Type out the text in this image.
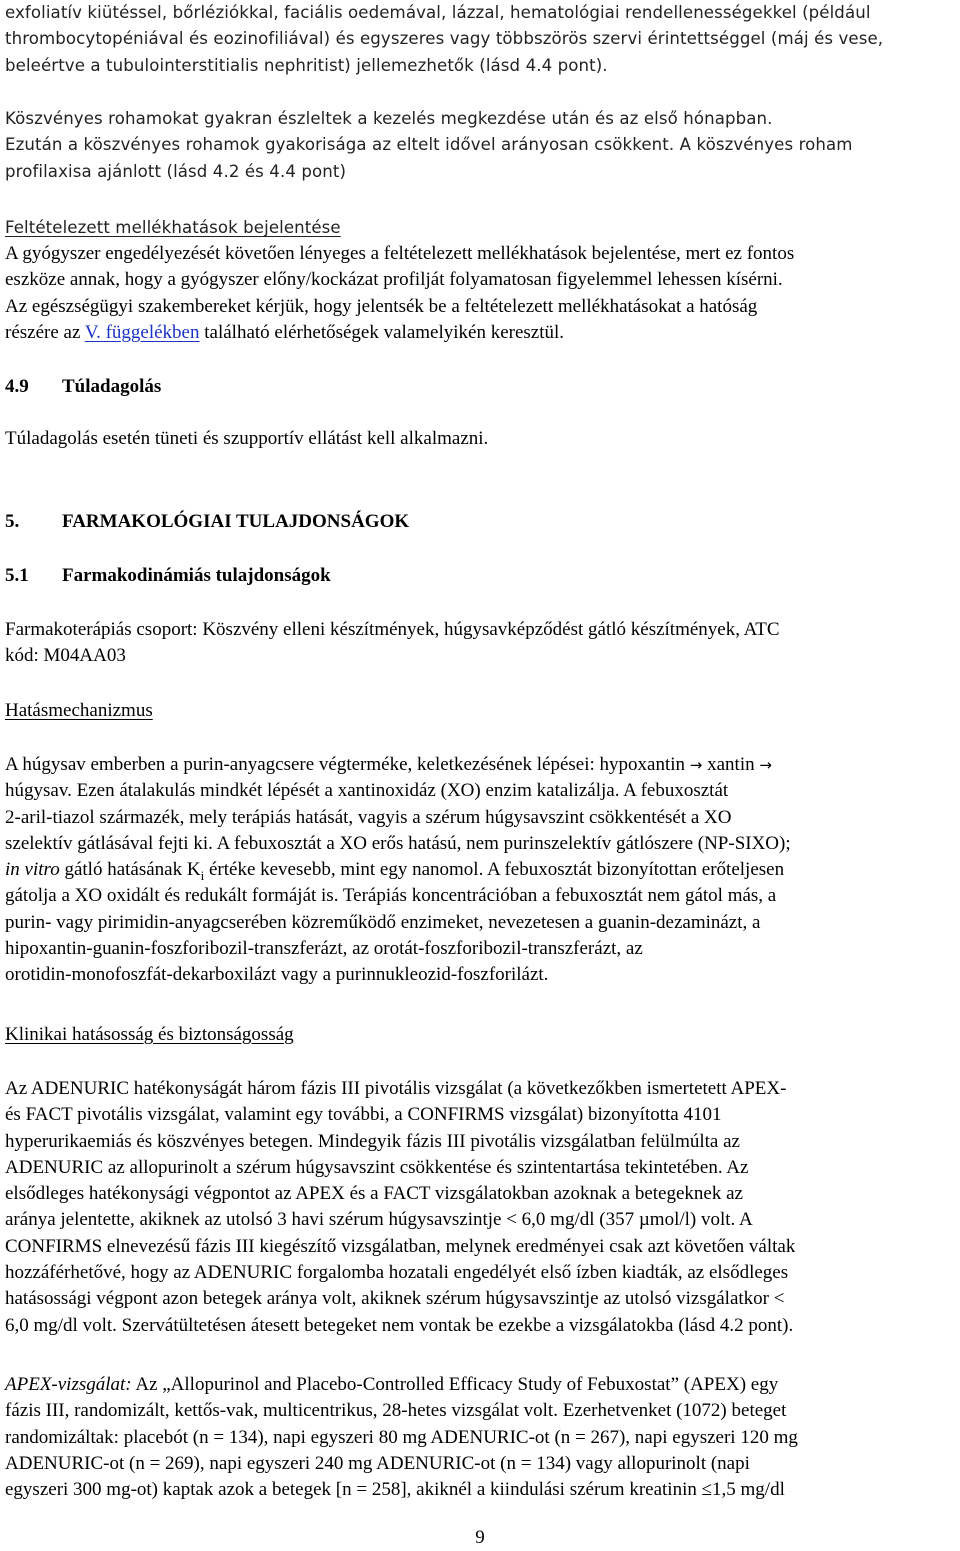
exfoliatív kiütéssel, bőrléziókkal, faciális oedemával, lázzal, hematológiai rendellenességekkel (például
thrombocytopéniával és eozinofiliával) és egyszeres vagy többszörös szervi érintettséggel (máj és vese,
beleértve a tubulointerstitialis nephritist) jellemezhetők (lásd 4.4 pont).
Köszvényes rohamokat gyakran észleltek a kezelés megkezdése után és az első hónapban.
Ezután a köszvényes rohamok gyakorisága az eltelt idővel arányosan csökkent. A köszvényes roham
profilaxisa ajánlott (lásd 4.2 és 4.4 pont)
Feltételezett mellékhatások bejelentése
A gyógyszer engedélyezését követően lényeges a feltételezett mellékhatások bejelentése, mert ez fontos
eszköze annak, hogy a gyógyszer előny/kockázat profilját folyamatosan figyelemmel lehessen kísérni.
Az egészségügyi szakembereket kérjük, hogy jelentsék be a feltételezett mellékhatásokat a hatóság
részére az V. függelékben található elérhetőségek valamelyikén keresztül.
4.9 Túladagolás
Túladagolás esetén tüneti és szupportív ellátást kell alkalmazni.
5. FARMAKOLÓGIAI TULAJDONSÁGOK
5.1 Farmakodinámiás tulajdonságok
Farmakoterápiás csoport: Köszvény elleni készítmények, húgysavképződést gátló készítmények, ATC
kód: M04AA03
Hatásmechanizmus
A húgysav emberben a purin-anyagcsere végterméke, keletkezésének lépései: hypoxantin → xantin →
húgysav. Ezen átalakulás mindkét lépését a xantinoxidáz (XO) enzim katalizálja. A febuxosztát
2-aril-tiazol származék, mely terápiás hatását, vagyis a szérum húgysavszint csökkentését a XO
szelektív gátlásával fejti ki. A febuxosztát a XO erős hatású, nem purinszelektív gátlószere (NP-SIXO);
in vitro gátló hatásának $K_i$ értéke kevesebb, mint egy nanomol. A febuxosztát bizonyítottan erőteljesen
gátolja a XO oxidált és redukált formáját is. Terápiás koncentrációban a febuxosztát nem gátol más, a
purin- vagy pirimidin-anyagcserében közreműködő enzimeket, nevezetesen a guanin-dezaminázt, a
hipoxantin-guanin-foszforibozil-transzferázt, az orotát-foszforibozil-transzferázt, az
orotidin-monofoszfát-dekarboxilázt vagy a purinnukleozid-foszforilázt.
Klinikai hatásosság és biztonságosság
Az ADENURIC hatékonyságát három fázis III pivotális vizsgálat (a következőkben ismertetett APEX-
és FACT pivotális vizsgálat, valamint egy további, a CONFIRMS vizsgálat) bizonyította 4101
hyperurikaemiás és köszvényes betegen. Mindegyik fázis III pivotális vizsgálatban felülmúlta az
ADENURIC az allopurinolt a szérum húgysavszint csökkentése és szintentartása tekintetében. Az
elsődleges hatékonysági végpontot az APEX és a FACT vizsgálatokban azoknak a betegeknek az
aránya jelentette, akiknek az utolsó 3 havi szérum húgysavszintje < 6,0 mg/dl (357 µmol/l) volt. A
CONFIRMS elnevezésű fázis III kiegészítő vizsgálatban, melynek eredményei csak azt követően váltak
hozzáférhetővé, hogy az ADENURIC forgalomba hozatali engedélyét első ízben kiadták, az elsődleges
hatásossági végpont azon betegek aránya volt, akiknek szérum húgysavszintje az utolsó vizsgálatkor <
6,0 mg/dl volt. Szervátültetésen átesett betegeket nem vontak be ezekbe a vizsgálatokba (lásd 4.2 pont).
APEX-vizsgálat: Az „Allopurinol and Placebo-Controlled Efficacy Study of Febuxostat” (APEX) egy
fázis III, randomizált, kettős-vak, multicentrikus, 28-hetes vizsgálat volt. Ezerhetvenket (1072) beteget
randomizáltak: placebót (n = 134), napi egyszeri 80 mg ADENURIC-ot (n = 267), napi egyszeri 120 mg
ADENURIC-ot (n = 269), napi egyszeri 240 mg ADENURIC-ot (n = 134) vagy allopurinolt (napi
egyszeri 300 mg-ot) kaptak azok a betegek [n = 258], akiknél a kiindulási szérum kreatinin ≤1,5 mg/dl
9
